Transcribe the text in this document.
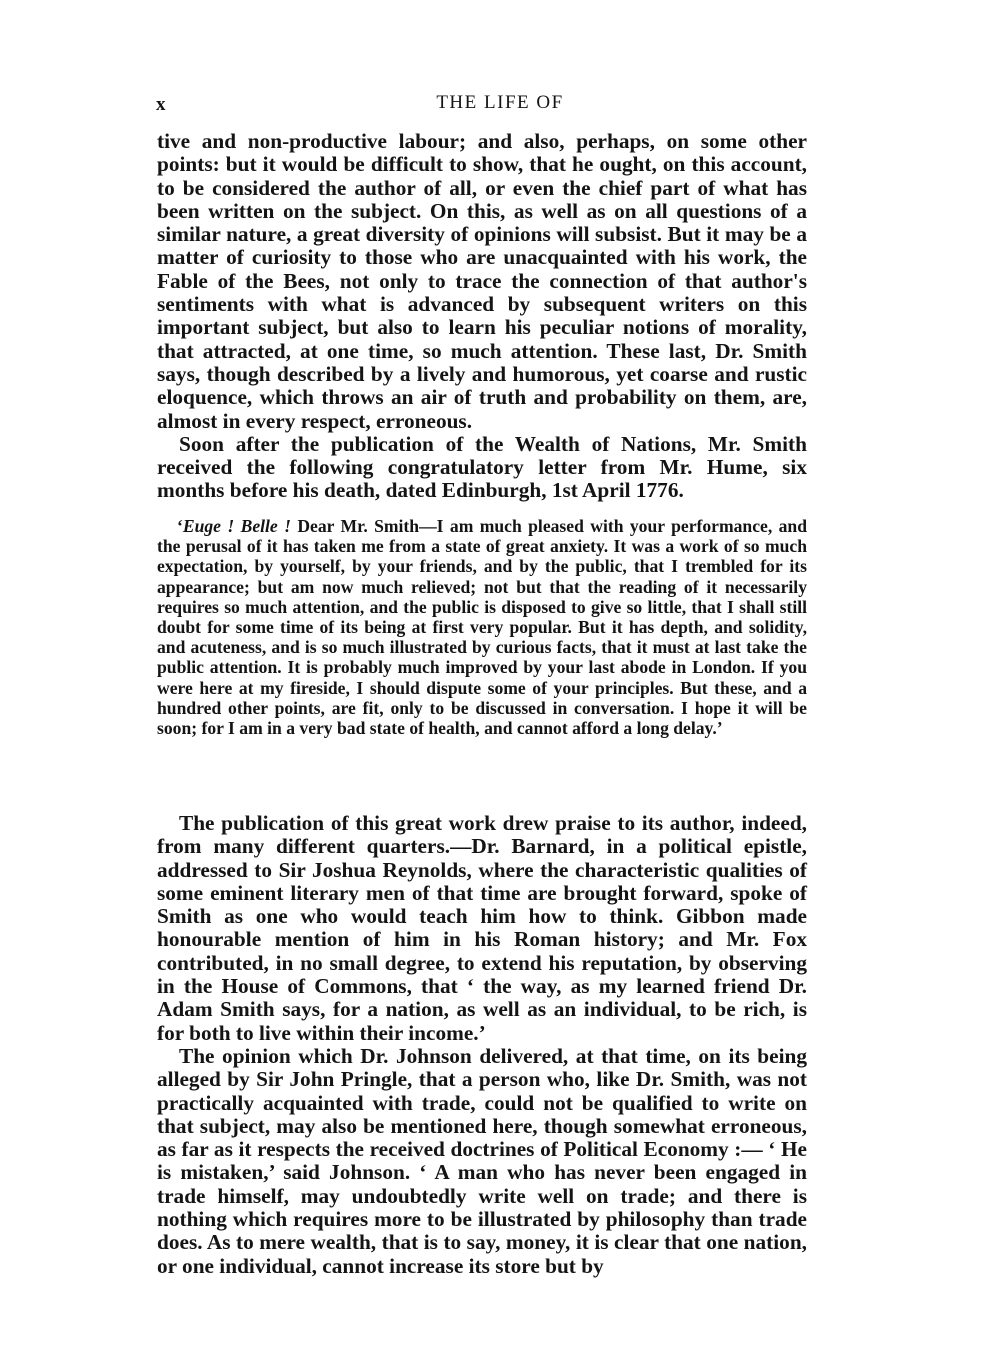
x	THE LIFE OF

tive and non-productive labour; and also, perhaps, on some other points: but it would be difficult to show, that he ought, on this account, to be considered the author of all, or even the chief part of what has been written on the subject. On this, as well as on all questions of a similar nature, a great diversity of opinions will subsist. But it may be a matter of curiosity to those who are unacquainted with his work, the Fable of the Bees, not only to trace the connection of that author's sentiments with what is advanced by subsequent writers on this important subject, but also to learn his peculiar notions of morality, that attracted, at one time, so much attention. These last, Dr. Smith says, though described by a lively and humorous, yet coarse and rustic eloquence, which throws an air of truth and probability on them, are, almost in every respect, erroneous.

Soon after the publication of the Wealth of Nations, Mr. Smith received the following congratulatory letter from Mr. Hume, six months before his death, dated Edinburgh, 1st April 1776.

‘Euge ! Belle ! Dear Mr. Smith—I am much pleased with your performance, and the perusal of it has taken me from a state of great anxiety. It was a work of so much expectation, by yourself, by your friends, and by the public, that I trembled for its appearance; but am now much relieved; not but that the reading of it necessarily requires so much attention, and the public is disposed to give so little, that I shall still doubt for some time of its being at first very popular. But it has depth, and solidity, and acuteness, and is so much illustrated by curious facts, that it must at last take the public attention. It is probably much improved by your last abode in London. If you were here at my fireside, I should dispute some of your principles. But these, and a hundred other points, are fit, only to be discussed in conversation. I hope it will be soon; for I am in a very bad state of health, and cannot afford a long delay.’

The publication of this great work drew praise to its author, indeed, from many different quarters.—Dr. Barnard, in a political epistle, addressed to Sir Joshua Reynolds, where the characteristic qualities of some eminent literary men of that time are brought forward, spoke of Smith as one who would teach him how to think. Gibbon made honourable mention of him in his Roman history; and Mr. Fox contributed, in no small degree, to extend his reputation, by observing in the House of Commons, that ‘ the way, as my learned friend Dr. Adam Smith says, for a nation, as well as an individual, to be rich, is for both to live within their income.’

The opinion which Dr. Johnson delivered, at that time, on its being alleged by Sir John Pringle, that a person who, like Dr. Smith, was not practically acquainted with trade, could not be qualified to write on that subject, may also be mentioned here, though somewhat erroneous, as far as it respects the received doctrines of Political Economy :— ‘ He is mistaken,’ said Johnson. ‘ A man who has never been engaged in trade himself, may undoubtedly write well on trade; and there is nothing which requires more to be illustrated by philosophy than trade does. As to mere wealth, that is to say, money, it is clear that one nation, or one individual, cannot increase its store but by
